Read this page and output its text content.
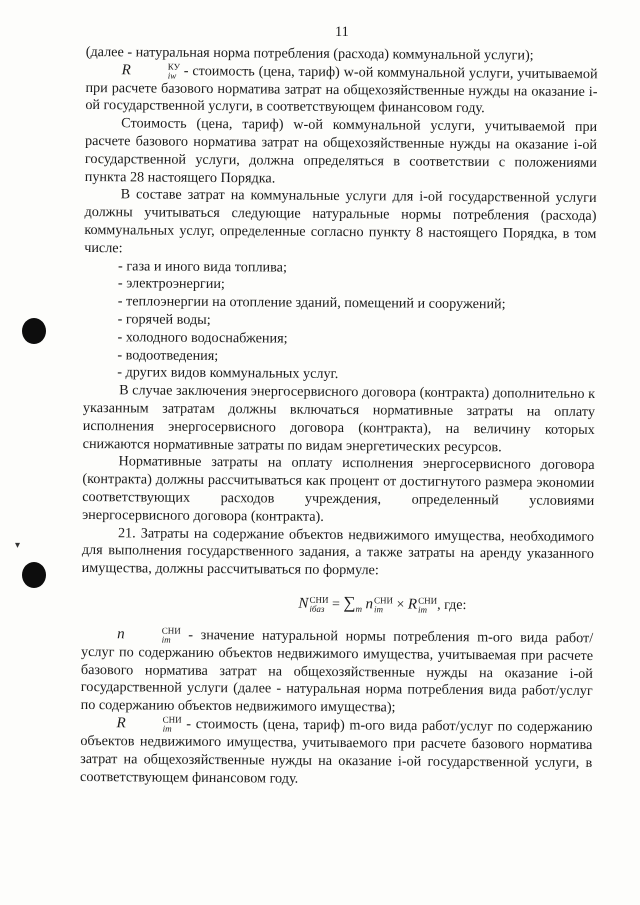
▾
11

(далее - натуральная норма потребления (расхода) коммунальной услуги);

R	КУ
iw - стоимость (цена, тариф) w-ой коммунальной услуги, учитываемой при расчете базового норматива затрат на общехозяйственные нужды на оказание i-ой государственной услуги, в соответствующем финансовом году.

Стоимость (цена, тариф) w-ой коммунальной услуги, учитываемой при расчете базового норматива затрат на общехозяйственные нужды на оказание i-ой государственной услуги, должна определяться в соответствии с положениями пункта 28 настоящего Порядка.

В составе затрат на коммунальные услуги для i-ой государственной услуги должны учитываться следующие натуральные нормы потребления (расхода) коммунальных услуг, определенные согласно пункту 8 настоящего Порядка, в том числе:

- газа и иного вида топлива;

- электроэнергии;

- теплоэнергии на отопление зданий, помещений и сооружений;

- горячей воды;

- холодного водоснабжения;

- водоотведения;

- других видов коммунальных услуг.

В случае заключения энергосервисного договора (контракта) дополнительно к указанным затратам должны включаться нормативные затраты на оплату исполнения энергосервисного договора (контракта), на величину которых снижаются нормативные затраты по видам энергетических ресурсов.

Нормативные затраты на оплату исполнения энергосервисного договора (контракта) должны рассчитываться как процент от достигнутого размера экономии соответствующих расходов учреждения, определенный условиями энергосервисного договора (контракта).

21. Затраты на содержание объектов недвижимого имущества, необходимого для выполнения государственного задания, а также затраты на аренду указанного имущества, должны рассчитываться по формуле:

N СНИ
iбаз = $\sum_m$ n СНИ
im × R СНИ
im , где:

n	СНИ
im - значение натуральной нормы потребления m-ого вида работ/услуг по содержанию объектов недвижимого имущества, учитываемая при расчете базового норматива затрат на общехозяйственные нужды на оказание i-ой государственной услуги (далее - натуральная норма потребления вида работ/услуг по содержанию объектов недвижимого имущества);

R	СНИ
im - стоимость (цена, тариф) m-ого вида работ/услуг по содержанию объектов недвижимого имущества, учитываемого при расчете базового норматива затрат на общехозяйственные нужды на оказание i-ой государственной услуги, в соответствующем финансовом году.
